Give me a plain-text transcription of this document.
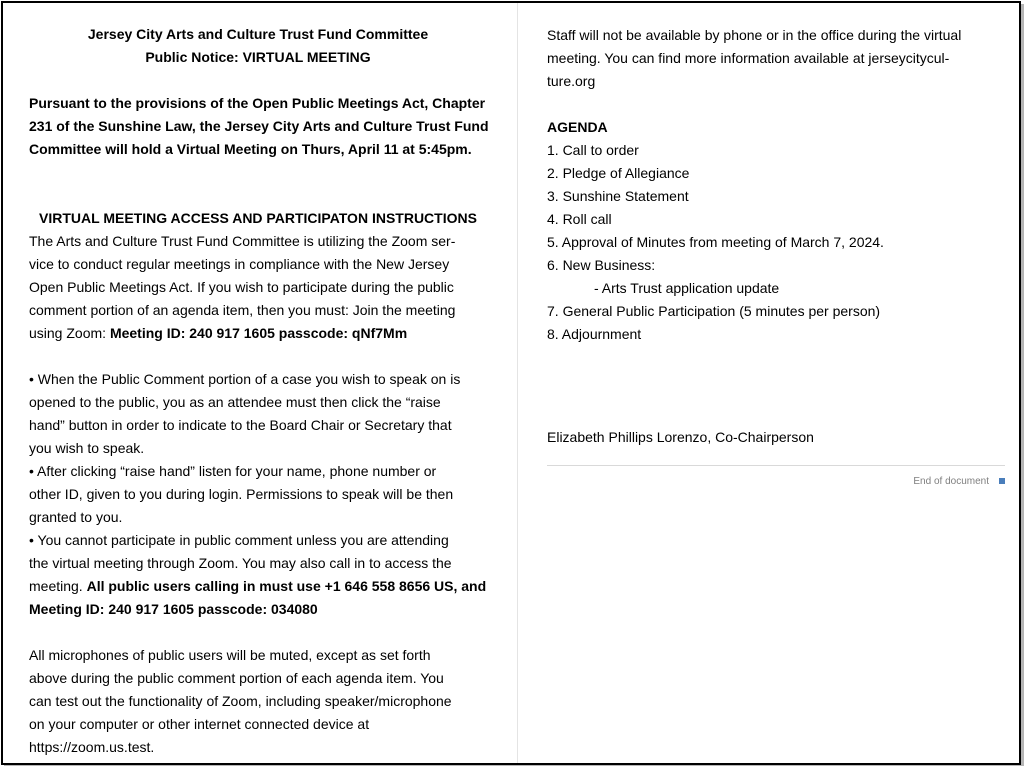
Jersey City Arts and Culture Trust Fund Committee
Public Notice: VIRTUAL MEETING
Pursuant to the provisions of the Open Public Meetings Act, Chapter
231 of the Sunshine Law, the Jersey City Arts and Culture Trust Fund
Committee will hold a Virtual Meeting on Thurs, April 11 at 5:45pm.
VIRTUAL MEETING ACCESS AND PARTICIPATON INSTRUCTIONS
The Arts and Culture Trust Fund Committee is utilizing the Zoom ser-
vice to conduct regular meetings in compliance with the New Jersey
Open Public Meetings Act. If you wish to participate during the public
comment portion of an agenda item, then you must: Join the meeting
using Zoom: Meeting ID: 240 917 1605 passcode: qNf7Mm
• When the Public Comment portion of a case you wish to speak on is
opened to the public, you as an attendee must then click the “raise
hand” button in order to indicate to the Board Chair or Secretary that
you wish to speak.
• After clicking “raise hand” listen for your name, phone number or
other ID, given to you during login. Permissions to speak will be then
granted to you.
• You cannot participate in public comment unless you are attending
the virtual meeting through Zoom. You may also call in to access the
meeting. All public users calling in must use +1 646 558 8656 US, and
Meeting ID: 240 917 1605 passcode: 034080
All microphones of public users will be muted, except as set forth
above during the public comment portion of each agenda item. You
can test out the functionality of Zoom, including speaker/microphone
on your computer or other internet connected device at
https://zoom.us.test.
Staff will not be available by phone or in the office during the virtual
meeting. You can find more information available at jerseycitycul-
ture.org
AGENDA
1. Call to order
2. Pledge of Allegiance
3. Sunshine Statement
4. Roll call
5. Approval of Minutes from meeting of March 7, 2024.
6. New Business:
- Arts Trust application update
7. General Public Participation (5 minutes per person)
8. Adjournment
Elizabeth Phillips Lorenzo, Co-Chairperson
End of document
